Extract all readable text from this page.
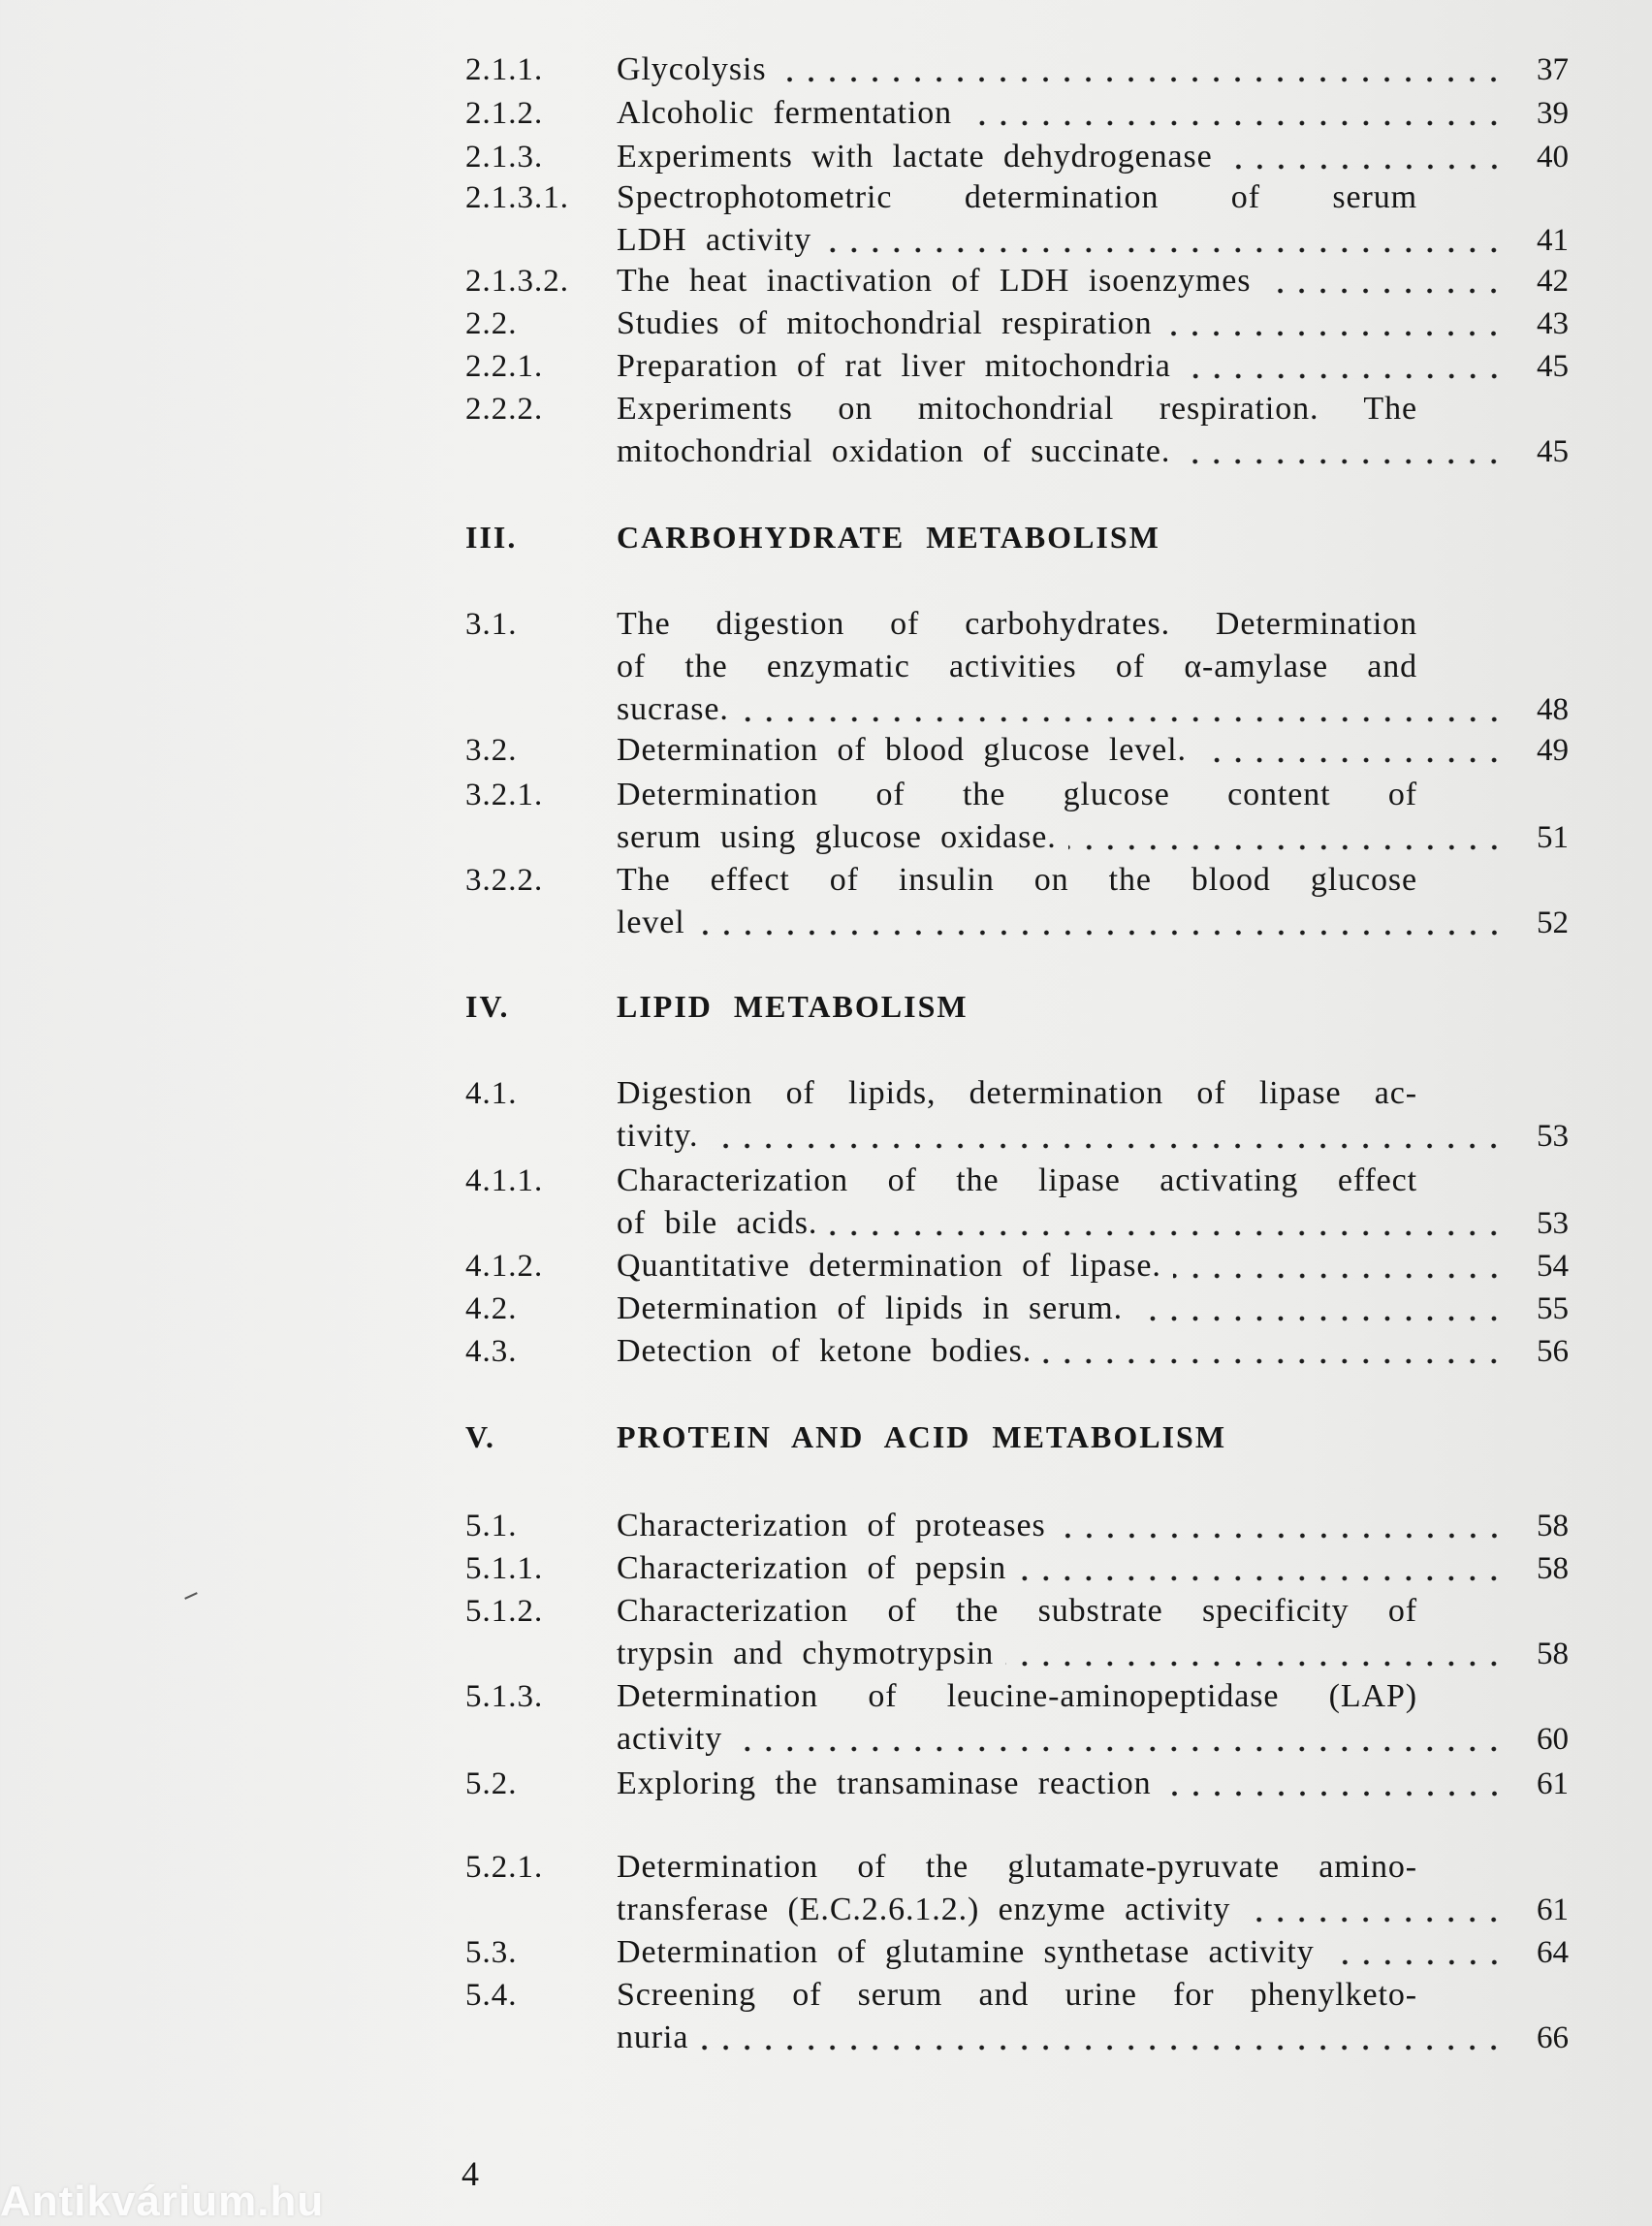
2.1.1. Glycolysis	37
2.1.2. Alcoholic fermentation	39
2.1.3. Experiments with lactate dehydrogenase	40
2.1.3.1. Spectrophotometric determination of serum
LDH activity	41
2.1.3.2. The heat inactivation of LDH isoenzymes	42
2.2.	Studies of mitochondrial respiration	43
2.2.1. Preparation of rat liver mitochondria	45
2.2.2. Experiments on mitochondrial respiration. The
mitochondrial oxidation of succinate.	45
III.	CARBOHYDRATE METABOLISM
3.1.	The digestion of carbohydrates. Determination
of the enzymatic activities of α-amylase and
sucrase.	48
3.2.	Determination of blood glucose level.	49
3.2.1. Determination of the glucose content of
serum using glucose oxidase.	51
3.2.2. The effect of insulin on the blood glucose
level	52
IV.	LIPID METABOLISM
4.1.	Digestion of lipids, determination of lipase ac-
tivity.	53
4.1.1. Characterization of the lipase activating effect
of bile acids.	53
4.1.2. Quantitative determination of lipase.	54
4.2.	Determination of lipids in serum.	55
4.3.	Detection of ketone bodies.	56
V.	PROTEIN AND ACID METABOLISM
5.1.	Characterization of proteases	58
5.1.1. Characterization of pepsin	58
5.1.2. Characterization of the substrate specificity of
trypsin and chymotrypsin	58
5.1.3. Determination of leucine-aminopeptidase (LAP)
activity	60
5.2.	Exploring the transaminase reaction	61
5.2.1. Determination of the glutamate-pyruvate amino-
transferase (E.C.2.6.1.2.) enzyme activity	61
5.3.	Determination of glutamine synthetase activity	64
5.4.	Screening of serum and urine for phenylketo-
nuria	66
4
Antikvárium.hu
